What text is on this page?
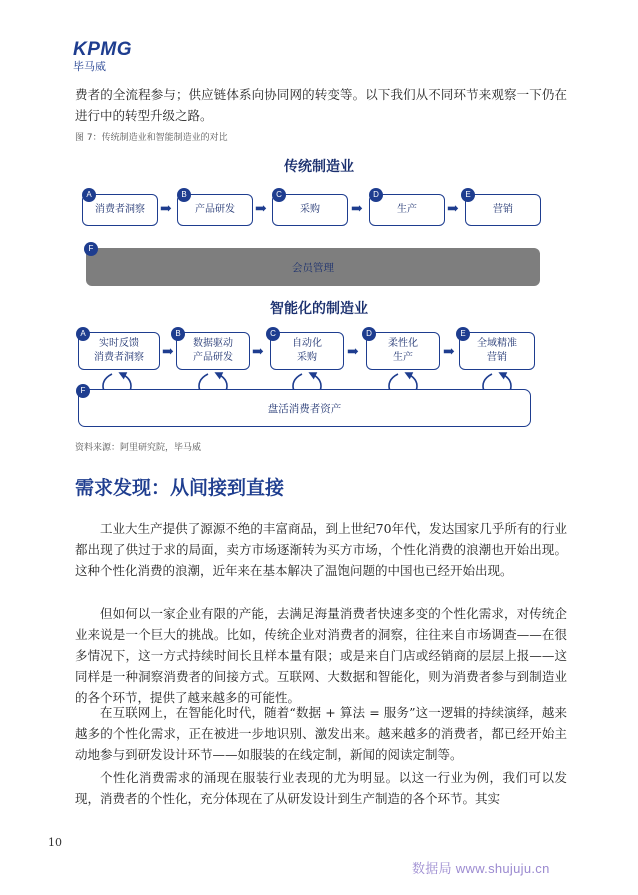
KPMG
毕马威
费者的全流程参与；供应链体系向协同网的转变等。以下我们从不同环节来观察一下仍在进行中的转型升级之路。
图 7：传统制造业和智能制造业的对比
传统制造业
消费者洞察
A
➡ 产品研发
B
➡	采购
C
➡	生产
D
➡	营销
E
会员管理
F
智能化的制造业
实时反馈
消费者洞察
A
➡
数据驱动
产品研发
B
➡
自动化
采购
C
➡
柔性化
生产
D
➡
全域精准
营销
E
盘活消费者资产
F
资料来源：阿里研究院，毕马威
需求发现：从间接到直接
工业大生产提供了源源不绝的丰富商品，到上世纪70年代，发达国家几乎所有的行业都出现了供过于求的局面，卖方市场逐渐转为买方市场，个性化消费的浪潮也开始出现。这种个性化消费的浪潮，近年来在基本解决了温饱问题的中国也已经开始出现。
但如何以一家企业有限的产能，去满足海量消费者快速多变的个性化需求，对传统企业来说是一个巨大的挑战。比如，传统企业对消费者的洞察，往往来自市场调查——在很多情况下，这一方式持续时间长且样本量有限；或是来自门店或经销商的层层上报——这同样是一种洞察消费者的间接方式。互联网、大数据和智能化，则为消费者参与到制造业的各个环节，提供了越来越多的可能性。
在互联网上，在智能化时代，随着“数据 + 算法 = 服务”这一逻辑的持续演绎，越来越多的个性化需求，正在被进一步地识别、激发出来。越来越多的消费者，都已经开始主动地参与到研发设计环节——如服装的在线定制，新闻的阅读定制等。
个性化消费需求的涌现在服装行业表现的尤为明显。以这一行业为例，我们可以发现，消费者的个性化，充分体现在了从研发设计到生产制造的各个环节。其实
10
数据局 www.shujuju.cn
